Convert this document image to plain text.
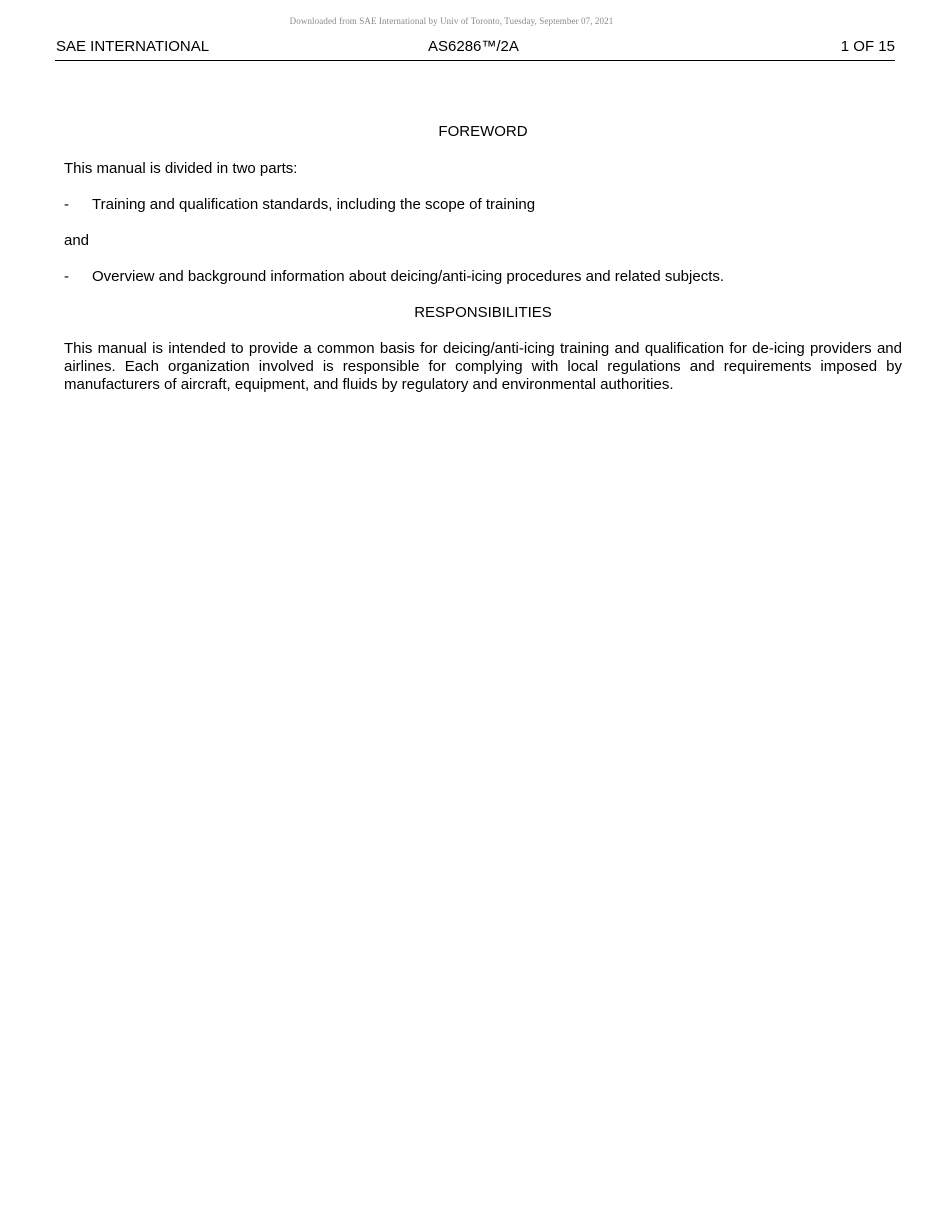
Downloaded from SAE International by Univ of Toronto, Tuesday, September 07, 2021
SAE INTERNATIONAL	AS6286™/2A	1 OF 15
FOREWORD

This manual is divided in two parts:

-	Training and qualification standards, including the scope of training

and

-	Overview and background information about deicing/anti-icing procedures and related subjects.
RESPONSIBILITIES

This manual is intended to provide a common basis for deicing/anti-icing training and qualification for de-icing providers and airlines. Each organization involved is responsible for complying with local regulations and requirements imposed by manufacturers of aircraft, equipment, and fluids by regulatory and environmental authorities.
